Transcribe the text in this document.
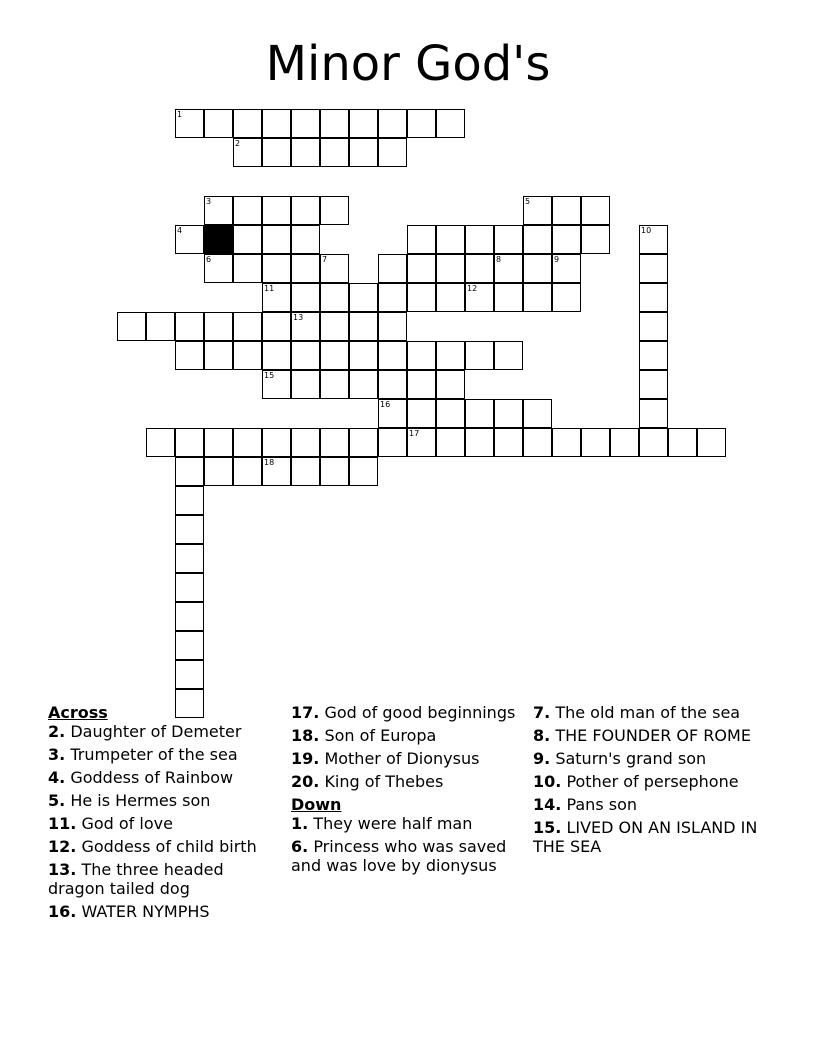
Minor God's
1
2
3	5
4	10
6	7	8	9
11	12
13
15
16
17
18
Across
2. Daughter of Demeter
3. Trumpeter of the sea
4. Goddess of Rainbow
5. He is Hermes son
11. God of love
12. Goddess of child birth
13. The three headed dragon tailed dog
16. WATER NYMPHS
17. God of good beginnings
18. Son of Europa
19. Mother of Dionysus
20. King of Thebes
Down
1. They were half man
6. Princess who was saved and was love by dionysus
7. The old man of the sea
8. THE FOUNDER OF ROME
9. Saturn's grand son
10. Pother of persephone
14. Pans son
15. LIVED ON AN ISLAND IN THE SEA
